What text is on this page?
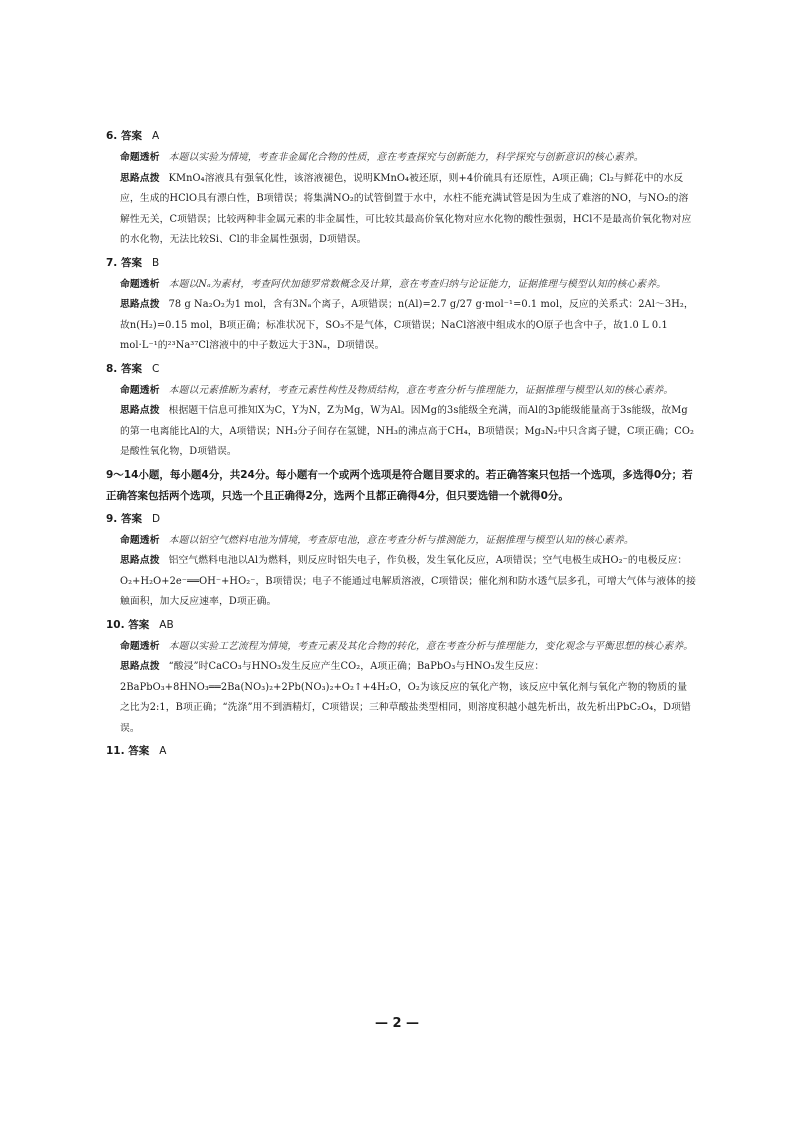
6. 答案 A
命题透析 本题以实验为情境，考查非金属化合物的性质，意在考查探究与创新能力，科学探究与创新意识的核心素养。
思路点拨 KMnO₄溶液具有强氧化性，该溶液褪色，说明KMnO₄被还原，则+4价硫具有还原性，A项正确；Cl₂与鲜花中的水反应，生成的HClO具有漂白性，B项错误；将集满NO₂的试管倒置于水中，水柱不能充满试管是因为生成了难溶的NO，与NO₂的溶解性无关，C项错误；比较两种非金属元素的非金属性，可比较其最高价氧化物对应水化物的酸性强弱，HCl不是最高价氧化物对应的水化物，无法比较Si、Cl的非金属性强弱，D项错误。
7. 答案 B
命题透析 本题以Nₐ为素材，考查阿伏加德罗常数概念及计算，意在考查归纳与论证能力，证据推理与模型认知的核心素养。
思路点拨 78 g Na₂O₂为1 mol，含有3Nₐ个离子，A项错误；n(Al)=2.7 g/27 g·mol⁻¹=0.1 mol，反应的关系式：2Al～3H₂，故n(H₂)=0.15 mol，B项正确；标准状况下，SO₃不是气体，C项错误；NaCl溶液中组成水的O原子也含中子，故1.0 L 0.1 mol·L⁻¹的²³Na³⁷Cl溶液中的中子数远大于3Nₐ，D项错误。
8. 答案 C
命题透析 本题以元素推断为素材，考查元素性构性及物质结构，意在考查分析与推理能力，证据推理与模型认知的核心素养。
思路点拨 根据题干信息可推知X为C，Y为N，Z为Mg，W为Al。因Mg的3s能级全充满，而Al的3p能级能量高于3s能级，故Mg的第一电离能比Al的大，A项错误；NH₃分子间存在氢键，NH₃的沸点高于CH₄，B项错误；Mg₃N₂中只含离子键，C项正确；CO₂是酸性氧化物，D项错误。
9～14小题，每小题4分，共24分。每小题有一个或两个选项是符合题目要求的。若正确答案只包括一个选项，多选得0分；若正确答案包括两个选项，只选一个且正确得2分，选两个且都正确得4分，但只要选错一个就得0分。
9. 答案 D
命题透析 本题以铝空气燃料电池为情境，考查原电池，意在考查分析与推测能力，证据推理与模型认知的核心素养。
思路点拨 铝空气燃料电池以Al为燃料，则反应时铝失电子，作负极，发生氧化反应，A项错误；空气电极生成HO₂⁻的电极反应：O₂+H₂O+2e⁻══OH⁻+HO₂⁻，B项错误；电子不能通过电解质溶液，C项错误；催化剂和防水透气层多孔，可增大气体与液体的接触面积，加大反应速率，D项正确。
10. 答案 AB
命题透析 本题以实验工艺流程为情境，考查元素及其化合物的转化，意在考查分析与推理能力，变化观念与平衡思想的核心素养。
思路点拨 “酸浸”时CaCO₃与HNO₃发生反应产生CO₂，A项正确；BaPbO₃与HNO₃发生反应：2BaPbO₃+8HNO₃══2Ba(NO₃)₂+2Pb(NO₃)₂+O₂↑+4H₂O，O₂为该反应的氧化产物，该反应中氧化剂与氧化产物的物质的量之比为2:1，B项正确；“洗涤”用不到酒精灯，C项错误；三种草酸盐类型相同，则溶度积越小越先析出，故先析出PbC₂O₄，D项错误。
11. 答案 A
— 2 —
